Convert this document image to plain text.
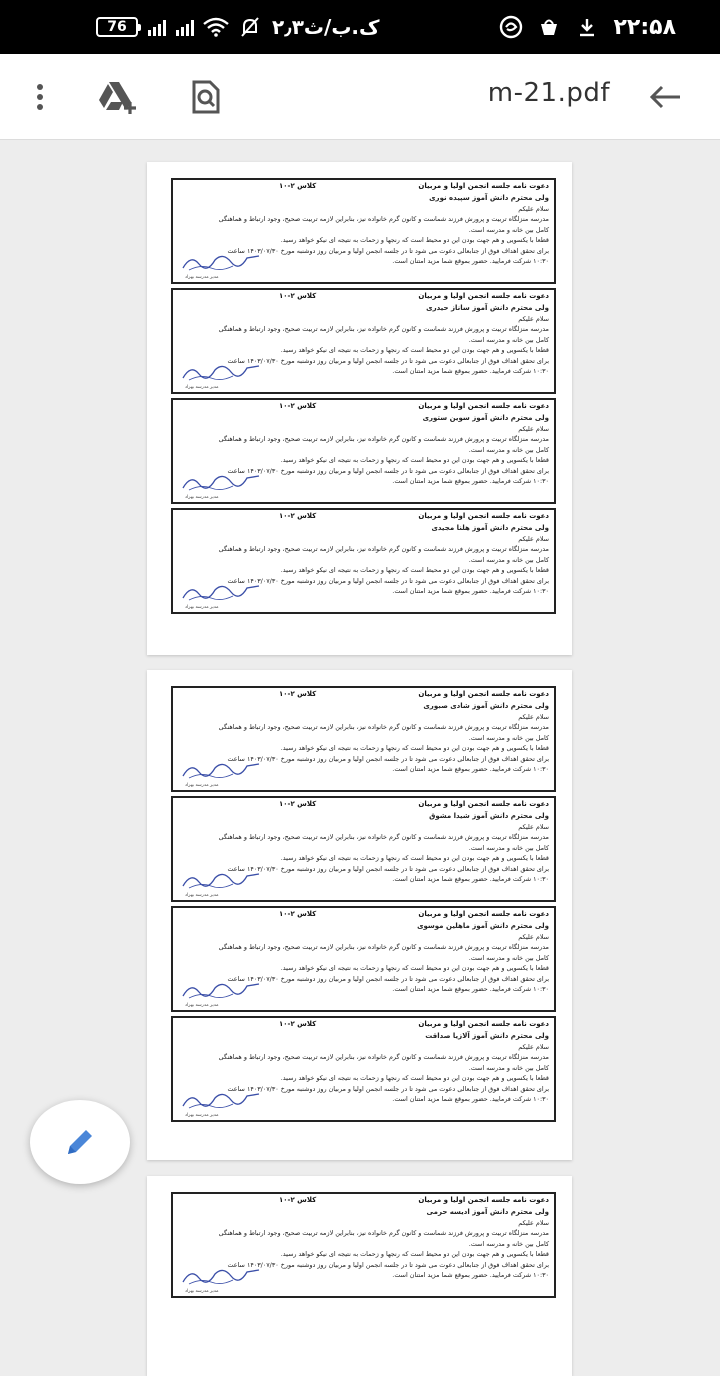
76	۲٫۳ک.ب/ث	۲۲:۵۸
m-21.pdf
دعوت نامه جلسه انجمن اولیا و مربیان
کلاس ۲-۱۰
ولی محترم دانش آموز سپیده نوری
سلام علیکم
مدرسه منزلگاه تربیت و پرورش فرزند شماست و کانون گرم خانواده نیز، بنابراین لازمه تربیت صحیح، وجود ارتباط و هماهنگی
کامل بین خانه و مدرسه است.
قطعا با یکسویی و هم جهت بودن این دو محیط است که رنجها و زحمات به نتیجه ای نیکو خواهد رسید.
برای تحقق اهداف فوق از جنابعالی دعوت می شود تا در جلسه انجمن اولیا و مربیان روز دوشنبه مورخ ۱۴۰۳/۰۷/۳۰ ساعت
۱۰:۳۰ شرکت فرمایید. حضور بموقع شما مزید امتنان است.
مدیر مدرسه بهزاد
دعوت نامه جلسه انجمن اولیا و مربیان
کلاس ۲-۱۰
ولی محترم دانش آموز ساناز حیدری
سلام علیکم
مدرسه منزلگاه تربیت و پرورش فرزند شماست و کانون گرم خانواده نیز، بنابراین لازمه تربیت صحیح، وجود ارتباط و هماهنگی
کامل بین خانه و مدرسه است.
قطعا با یکسویی و هم جهت بودن این دو محیط است که رنجها و زحمات به نتیجه ای نیکو خواهد رسید.
برای تحقق اهداف فوق از جنابعالی دعوت می شود تا در جلسه انجمن اولیا و مربیان روز دوشنبه مورخ ۱۴۰۳/۰۷/۳۰ ساعت
۱۰:۳۰ شرکت فرمایید. حضور بموقع شما مزید امتنان است.
مدیر مدرسه بهزاد
دعوت نامه جلسه انجمن اولیا و مربیان
کلاس ۲-۱۰
ولی محترم دانش آموز سوین ستوری
سلام علیکم
مدرسه منزلگاه تربیت و پرورش فرزند شماست و کانون گرم خانواده نیز، بنابراین لازمه تربیت صحیح، وجود ارتباط و هماهنگی
کامل بین خانه و مدرسه است.
قطعا با یکسویی و هم جهت بودن این دو محیط است که رنجها و زحمات به نتیجه ای نیکو خواهد رسید.
برای تحقق اهداف فوق از جنابعالی دعوت می شود تا در جلسه انجمن اولیا و مربیان روز دوشنبه مورخ ۱۴۰۳/۰۷/۳۰ ساعت
۱۰:۳۰ شرکت فرمایید. حضور بموقع شما مزید امتنان است.
مدیر مدرسه بهزاد
دعوت نامه جلسه انجمن اولیا و مربیان
کلاس ۲-۱۰
ولی محترم دانش آموز هلنا مجیدی
سلام علیکم
مدرسه منزلگاه تربیت و پرورش فرزند شماست و کانون گرم خانواده نیز، بنابراین لازمه تربیت صحیح، وجود ارتباط و هماهنگی
کامل بین خانه و مدرسه است.
قطعا با یکسویی و هم جهت بودن این دو محیط است که رنجها و زحمات به نتیجه ای نیکو خواهد رسید.
برای تحقق اهداف فوق از جنابعالی دعوت می شود تا در جلسه انجمن اولیا و مربیان روز دوشنبه مورخ ۱۴۰۳/۰۷/۳۰ ساعت
۱۰:۳۰ شرکت فرمایید. حضور بموقع شما مزید امتنان است.
مدیر مدرسه بهزاد
دعوت نامه جلسه انجمن اولیا و مربیان
کلاس ۲-۱۰
ولی محترم دانش آموز شادی صبوری
سلام علیکم
مدرسه منزلگاه تربیت و پرورش فرزند شماست و کانون گرم خانواده نیز، بنابراین لازمه تربیت صحیح، وجود ارتباط و هماهنگی
کامل بین خانه و مدرسه است.
قطعا با یکسویی و هم جهت بودن این دو محیط است که رنجها و زحمات به نتیجه ای نیکو خواهد رسید.
برای تحقق اهداف فوق از جنابعالی دعوت می شود تا در جلسه انجمن اولیا و مربیان روز دوشنبه مورخ ۱۴۰۳/۰۷/۳۰ ساعت
۱۰:۳۰ شرکت فرمایید. حضور بموقع شما مزید امتنان است.
مدیر مدرسه بهزاد
دعوت نامه جلسه انجمن اولیا و مربیان
کلاس ۲-۱۰
ولی محترم دانش آموز شیدا مشوق
سلام علیکم
مدرسه منزلگاه تربیت و پرورش فرزند شماست و کانون گرم خانواده نیز، بنابراین لازمه تربیت صحیح، وجود ارتباط و هماهنگی
کامل بین خانه و مدرسه است.
قطعا با یکسویی و هم جهت بودن این دو محیط است که رنجها و زحمات به نتیجه ای نیکو خواهد رسید.
برای تحقق اهداف فوق از جنابعالی دعوت می شود تا در جلسه انجمن اولیا و مربیان روز دوشنبه مورخ ۱۴۰۳/۰۷/۳۰ ساعت
۱۰:۳۰ شرکت فرمایید. حضور بموقع شما مزید امتنان است.
مدیر مدرسه بهزاد
دعوت نامه جلسه انجمن اولیا و مربیان
کلاس ۲-۱۰
ولی محترم دانش آموز ماهلین موسوی
سلام علیکم
مدرسه منزلگاه تربیت و پرورش فرزند شماست و کانون گرم خانواده نیز، بنابراین لازمه تربیت صحیح، وجود ارتباط و هماهنگی
کامل بین خانه و مدرسه است.
قطعا با یکسویی و هم جهت بودن این دو محیط است که رنجها و زحمات به نتیجه ای نیکو خواهد رسید.
برای تحقق اهداف فوق از جنابعالی دعوت می شود تا در جلسه انجمن اولیا و مربیان روز دوشنبه مورخ ۱۴۰۳/۰۷/۳۰ ساعت
۱۰:۳۰ شرکت فرمایید. حضور بموقع شما مزید امتنان است.
مدیر مدرسه بهزاد
دعوت نامه جلسه انجمن اولیا و مربیان
کلاس ۲-۱۰
ولی محترم دانش آموز آلازیا صداقت
سلام علیکم
مدرسه منزلگاه تربیت و پرورش فرزند شماست و کانون گرم خانواده نیز، بنابراین لازمه تربیت صحیح، وجود ارتباط و هماهنگی
کامل بین خانه و مدرسه است.
قطعا با یکسویی و هم جهت بودن این دو محیط است که رنجها و زحمات به نتیجه ای نیکو خواهد رسید.
برای تحقق اهداف فوق از جنابعالی دعوت می شود تا در جلسه انجمن اولیا و مربیان روز دوشنبه مورخ ۱۴۰۳/۰۷/۳۰ ساعت
۱۰:۳۰ شرکت فرمایید. حضور بموقع شما مزید امتنان است.
مدیر مدرسه بهزاد
دعوت نامه جلسه انجمن اولیا و مربیان
کلاس ۲-۱۰
ولی محترم دانش آموز ادیسه حرمی
سلام علیکم
مدرسه منزلگاه تربیت و پرورش فرزند شماست و کانون گرم خانواده نیز، بنابراین لازمه تربیت صحیح، وجود ارتباط و هماهنگی
کامل بین خانه و مدرسه است.
قطعا با یکسویی و هم جهت بودن این دو محیط است که رنجها و زحمات به نتیجه ای نیکو خواهد رسید.
برای تحقق اهداف فوق از جنابعالی دعوت می شود تا در جلسه انجمن اولیا و مربیان روز دوشنبه مورخ ۱۴۰۳/۰۷/۳۰ ساعت
۱۰:۳۰ شرکت فرمایید. حضور بموقع شما مزید امتنان است.
مدیر مدرسه بهزاد
